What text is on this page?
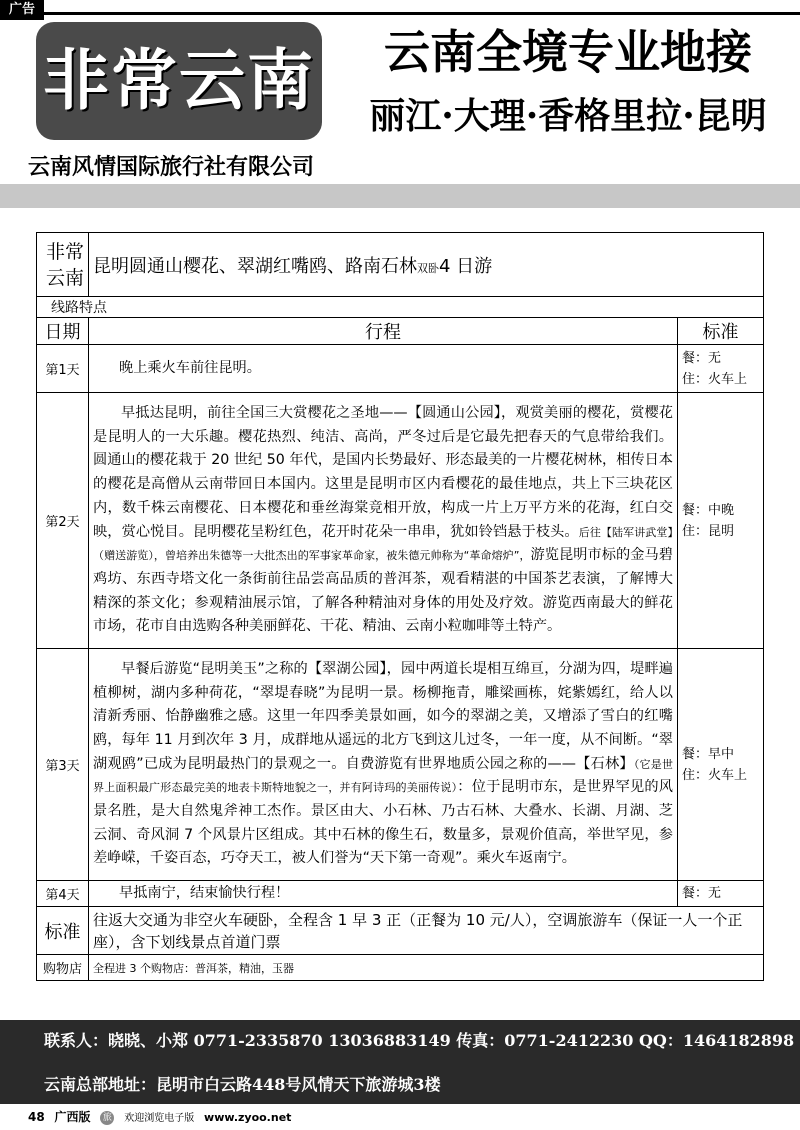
广告
非常云南	云南全境专业地接
丽江·大理·香格里拉·昆明
云南风情国际旅行社有限公司
非常云南	昆明圆通山樱花、翠湖红嘴鸥、路南石林双卧4 日游	
线路特点		
日期	行程	标准
第1天	晚上乘火车前往昆明。	餐：无
住：火车上

第2天	早抵达昆明，前往全国三大赏樱花之圣地——【圆通山公园】，观赏美丽的樱花，赏樱花是昆明人的一大乐趣。樱花热烈、纯洁、高尚，严冬过后是它最先把春天的气息带给我们。圆通山的樱花栽于 20 世纪 50 年代，是国内长势最好、形态最美的一片樱花树林，相传日本的樱花是高僧从云南带回日本国内。这里是昆明市区内看樱花的最佳地点，共上下三块花区内，数千株云南樱花、日本樱花和垂丝海棠竞相开放，构成一片上万平方米的花海，红白交映，赏心悦目。昆明樱花呈粉红色，花开时花朵一串串，犹如铃铛悬于枝头。后往【陆军讲武堂】（赠送游览），曾培养出朱德等一大批杰出的军事家革命家，被朱德元帅称为“革命熔炉”，游览昆明市标的金马碧鸡坊、东西寺塔文化一条街前往品尝高品质的普洱茶，观看精湛的中国茶艺表演，了解博大精深的茶文化；参观精油展示馆，了解各种精油对身体的用处及疗效。游览西南最大的鲜花市场，花市自由选购各种美丽鲜花、干花、精油、云南小粒咖啡等土特产。	餐：中晚
住：昆明

第3天	早餐后游览“昆明美玉”之称的【翠湖公园】，园中两道长堤相互绵亘，分湖为四，堤畔遍植柳树，湖内多种荷花，“翠堤春晓”为昆明一景。杨柳拖青，雕梁画栋，姹紫嫣红，给人以清新秀丽、怡静幽雅之感。这里一年四季美景如画，如今的翠湖之美，又增添了雪白的红嘴鸥，每年 11 月到次年 3 月，成群地从遥远的北方飞到这儿过冬，一年一度，从不间断。“翠湖观鸥”已成为昆明最热门的景观之一。自费游览有世界地质公园之称的——【石林】（它是世界上面积最广形态最完美的地表卡斯特地貌之一，并有阿诗玛的美丽传说）：位于昆明市东，是世界罕见的风景名胜，是大自然鬼斧神工杰作。景区由大、小石林、乃古石林、大叠水、长湖、月湖、芝云洞、奇风洞 7 个风景片区组成。其中石林的像生石，数量多，景观价值高，举世罕见，参差峥嵘，千姿百态，巧夺天工，被人们誉为“天下第一奇观”。乘火车返南宁。	餐：早中
住：火车上

第4天	早抵南宁，结束愉快行程！	餐：无

标准	往返大交通为非空火车硬卧，全程含 1 早 3 正（正餐为 10 元/人），空调旅游车（保证一人一个正座），含下划线景点首道门票	
购物店	全程进 3 个购物店：普洱茶，精油，玉器	
联系人：晓晓、小郑 0771-2335870 13036883149 传真：0771-2412230 QQ：1464182898
云南总部地址：昆明市白云路448号风情天下旅游城3楼
48 广西版 旅 欢迎浏览电子版 www.zyoo.net
